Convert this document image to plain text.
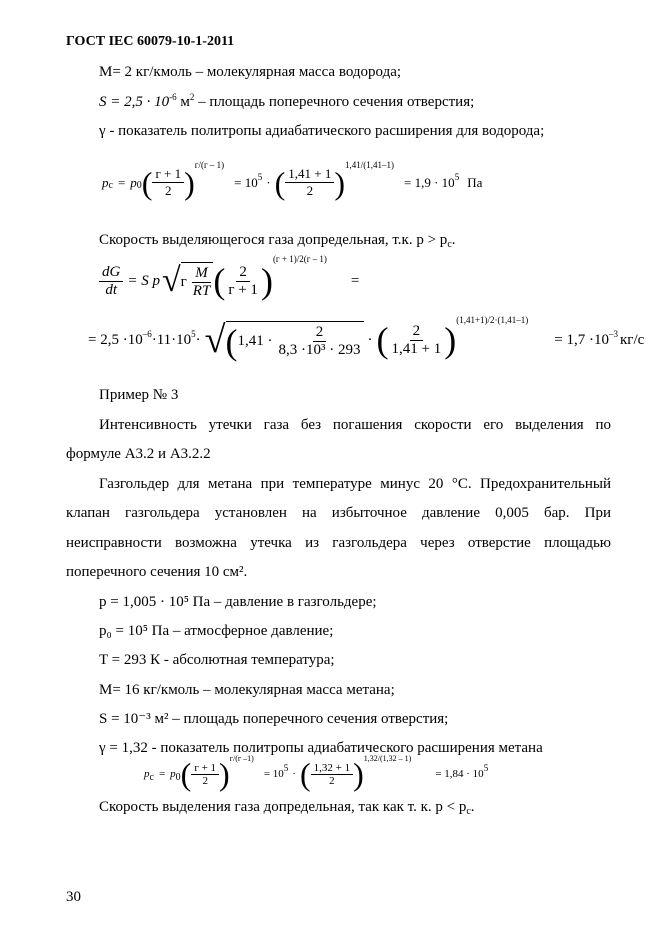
ГОСТ IEC 60079-10-1-2011
M= 2 кг/кмоль – молекулярная масса водорода;
$S = 2,5 \cdot 10^{-6}$ $м^2$ – площадь поперечного сечения отверстия;
γ - показатель политропы адиабатического расширения для водорода;
p c = p 0 ( $\frac{г + 1}{2}$ ) г/(г – 1)
= 10 5 · ( $\frac{1,41 + 1}{2}$ ) 1,41/(1,41–1)
= 1,9 · 10 5 Па
Скорость выделяющегося газа допредельная, т.к. $p > p_c$.
$\frac{dG}{dt} = S$ p √ г $\frac{M}{RT}$ ( $\frac{2}{г + 1}$ )
(г + 1)/2(г – 1)
=
= 2,5 ·10 –6 ·11·10 5 · √ ( $1,41 \cdot \frac{2}{\text{8,3 ·10³ · 293}}$ · ( $\frac{2}{1,41 + 1}$ ) (1,41+1)/2·(1,41–1)
= 1,7 ·10 –3 кг/с
Пример № 3
Интенсивность утечки газа без погашения скорости его выделения по
формуле А3.2 и А3.2.2
Газгольдер для метана при температуре минус 20 °С. Предохранительный
клапан газгольдера установлен на избыточное давление 0,005 бар. При
неисправности возможна утечка из газгольдера через отверстие площадью
поперечного сечения 10 см².
p = 1,005 · 10⁵ Па – давление в газгольдере;
p₀ = 10⁵ Па – атмосферное давление;
T = 293 К - абсолютная температура;
M= 16 кг/кмоль – молекулярная масса метана;
S = 10⁻³ м² – площадь поперечного сечения отверстия;
γ = 1,32 - показатель политропы адиабатического расширения метана
p c = p 0 ( $\frac{г + 1}{2}$ ) г/(г –1)
= 10 5 · ( $\frac{1,32 + 1}{2}$ ) 1,32/(1,32 – 1)
= 1,84 · 10 5
Скорость выделения газа допредельная, так как т. к. $p < p_c$.
30
